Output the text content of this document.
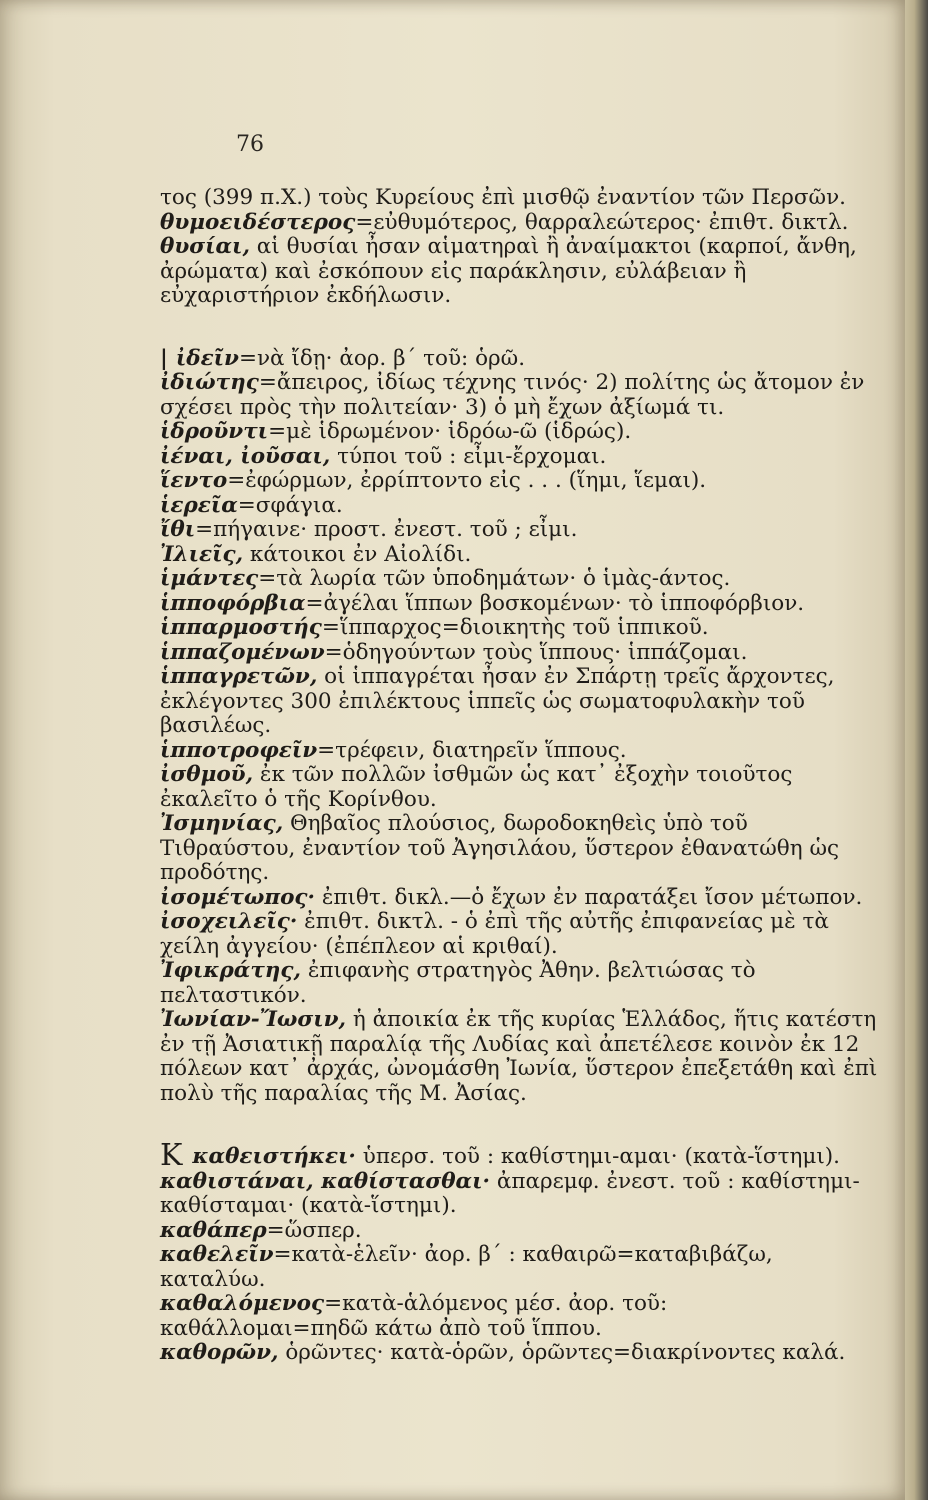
76

τος (399 π.Χ.) τοὺς Κυρείους ἐπὶ μισθῷ ἐναντίον τῶν Περσῶν.

θυμοειδέστερος=εὐθυμότερος, θαρραλεώτερος· ἐπιθτ. δικτλ.

θυσίαι, αἱ θυσίαι ἦσαν αἱματηραὶ ἢ ἀναίμακτοι (καρποί, ἄνθη, ἀρώματα) καὶ ἐσκόπουν εἰς παράκλησιν, εὐλάβειαν ἢ εὐχαριστήριον ἐκδήλωσιν.

| ἰδεῖν=νὰ ἴδῃ· ἀορ. β΄ τοῦ: ὁρῶ.

ἰδιώτης=ἄπειρος, ἰδίως τέχνης τινός· 2) πολίτης ὡς ἄτομον ἐν σχέσει πρὸς τὴν πολιτείαν· 3) ὁ μὴ ἔχων ἀξίωμά τι.

ἱδροῦντι=μὲ ἱδρωμένον· ἱδρόω-ῶ (ἱδρώς).

ἰέναι, ἰοῦσαι, τύποι τοῦ : εἶμι-ἔρχομαι.

ἵεντο=ἐφώρμων, ἐρρίπτοντο εἰς . . . (ἵημι, ἵεμαι).

ἱερεῖα=σφάγια.

ἴθι=πήγαινε· προστ. ἐνεστ. τοῦ ; εἶμι.

Ἰλιεῖς, κάτοικοι ἐν Αἰολίδι.

ἱμάντες=τὰ λωρία τῶν ὑποδημάτων· ὁ ἱμὰς-άντος.

ἱπποφόρβια=ἀγέλαι ἵππων βοσκομένων· τὸ ἱπποφόρβιον.

ἱππαρμοστής=ἵππαρχος=διοικητὴς τοῦ ἱππικοῦ.

ἱππαζομένων=ὁδηγούντων τοὺς ἵππους· ἱππάζομαι.

ἱππαγρετῶν, οἱ ἱππαγρέται ἦσαν ἐν Σπάρτῃ τρεῖς ἄρχοντες, ἐκλέγοντες 300 ἐπιλέκτους ἱππεῖς ὡς σωματοφυλακὴν τοῦ βασιλέως.

ἱπποτροφεῖν=τρέφειν, διατηρεῖν ἵππους.

ἰσθμοῦ, ἐκ τῶν πολλῶν ἰσθμῶν ὡς κατ᾽ ἐξοχὴν τοιοῦτος ἐκαλεῖτο ὁ τῆς Κορίνθου.

Ἰσμηνίας, Θηβαῖος πλούσιος, δωροδοκηθεὶς ὑπὸ τοῦ Τιθραύστου, ἐναντίον τοῦ Ἀγησιλάου, ὕστερον ἐθανατώθη ὡς προδότης.

ἰσομέτωπος· ἐπιθτ. δικλ.—ὁ ἔχων ἐν παρατάξει ἴσον μέτωπον.

ἰσοχειλεῖς· ἐπιθτ. δικτλ. - ὁ ἐπὶ τῆς αὐτῆς ἐπιφανείας μὲ τὰ χείλη ἀγγείου· (ἐπέπλεον αἱ κριθαί).

Ἰφικράτης, ἐπιφανὴς στρατηγὸς Ἀθην. βελτιώσας τὸ πελταστικόν.

Ἰωνίαν-Ἴωσιν, ἡ ἀποικία ἐκ τῆς κυρίας Ἑλλάδος, ἥτις κατέστη ἐν τῇ Ἀσιατικῇ παραλίᾳ τῆς Λυδίας καὶ ἀπετέλεσε κοινὸν ἐκ 12 πόλεων κατ᾽ ἀρχάς, ὠνομάσθη Ἰωνία, ὕστερον ἐπεξετάθη καὶ ἐπὶ πολὺ τῆς παραλίας τῆς Μ. Ἀσίας.

Κ καθειστήκει· ὑπερσ. τοῦ : καθίστημι-αμαι· (κατὰ-ἵστημι).

καθιστάναι, καθίστασθαι· ἀπαρεμφ. ἐνεστ. τοῦ : καθίστημι-καθίσταμαι· (κατὰ-ἵστημι).

καθάπερ=ὥσπερ.

καθελεῖν=κατὰ-ἑλεῖν· ἀορ. β΄ : καθαιρῶ=καταβιβάζω, καταλύω.

καθαλόμενος=κατὰ-ἁλόμενος μέσ. ἀορ. τοῦ: καθάλλομαι=πηδῶ κάτω ἀπὸ τοῦ ἵππου.

καθορῶν, ὁρῶντες· κατὰ-ὁρῶν, ὁρῶντες=διακρίνοντες καλά.
